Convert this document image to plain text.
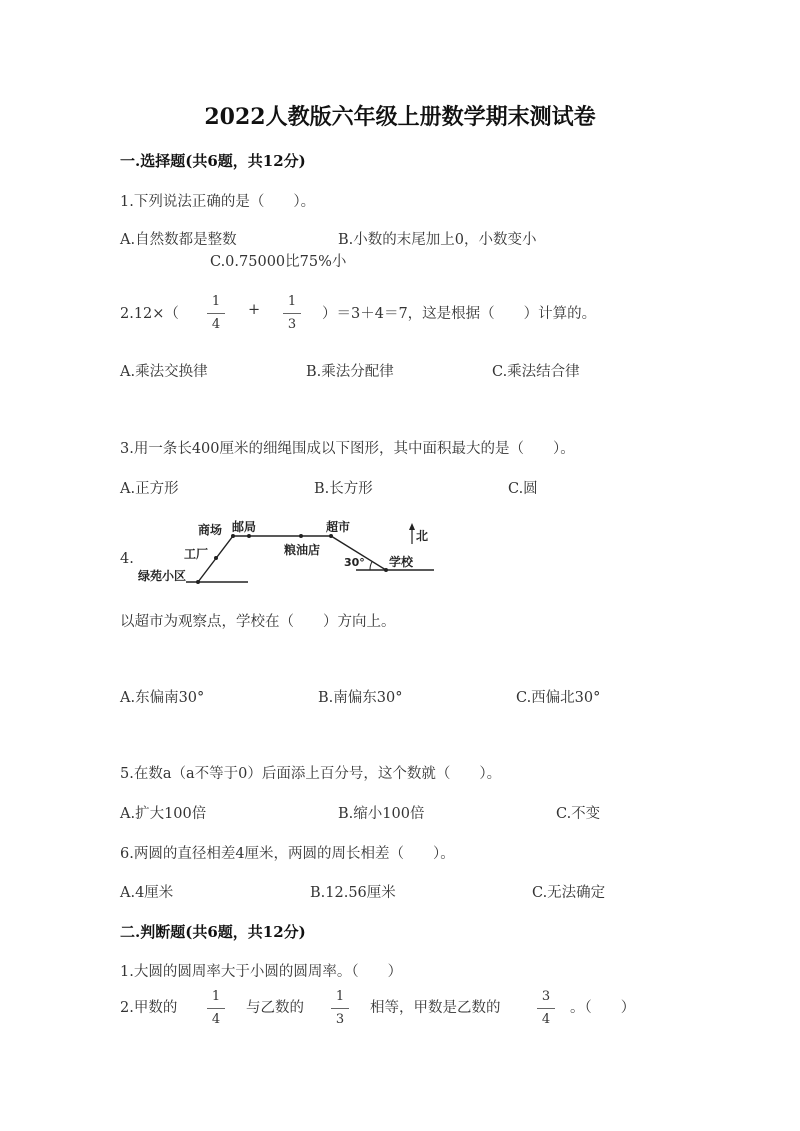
2022人教版六年级上册数学期末测试卷
一.选择题(共6题，共12分)
1.下列说法正确的是（　　）。
A.自然数都是整数	B.小数的末尾加上0，小数变小
C.0.75000比75%小
2.12×（
1
4
+
1
3
）＝3＋4＝7，这是根据（　　）计算的。
A.乘法交换律	B.乘法分配律	C.乘法结合律
3.用一条长400厘米的细绳围成以下图形，其中面积最大的是（　　）。
A.正方形	B.长方形	C.圆
4.
商场 邮局	超市
北
工厂	粮油店
30° 学校
绿苑小区
以超市为观察点，学校在（　　）方向上。
A.东偏南30°	B.南偏东30°	C.西偏北30°
5.在数a（a不等于0）后面添上百分号，这个数就（　　）。
A.扩大100倍	B.缩小100倍	C.不变
6.两圆的直径相差4厘米，两圆的周长相差（　　）。
A.4厘米	B.12.56厘米	C.无法确定
二.判断题(共6题，共12分)
1.大圆的圆周率大于小圆的圆周率。（　　）
2.甲数的
1
4
与乙数的
1
3
相等，甲数是乙数的
3
4
。（　　）
